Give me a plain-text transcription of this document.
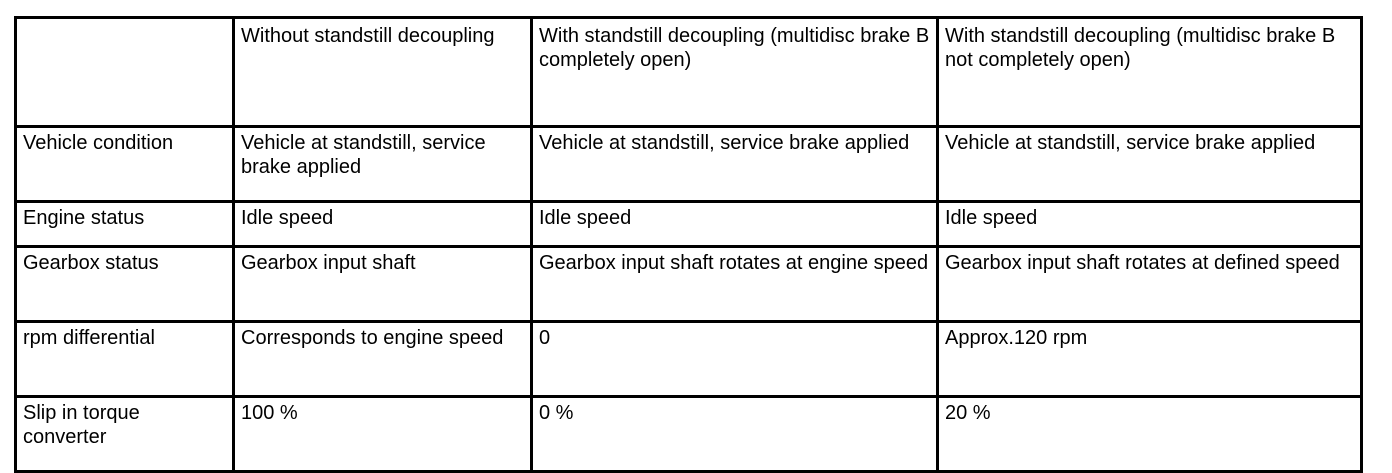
	Without standstill decoupling	With standstill decoupling (multidisc brake B completely open)	With standstill decoupling (multidisc brake B not completely open)

Vehicle condition	Vehicle at standstill, service brake applied	Vehicle at standstill, service brake applied	Vehicle at standstill, service brake applied

Engine status	Idle speed	Idle speed	Idle speed

Gearbox status	Gearbox input shaft	Gearbox input shaft rotates at engine speed	Gearbox input shaft rotates at defined speed

rpm differential	Corresponds to engine speed	0	Approx.120 rpm

Slip in torque converter	100 %	0 %	20 %
